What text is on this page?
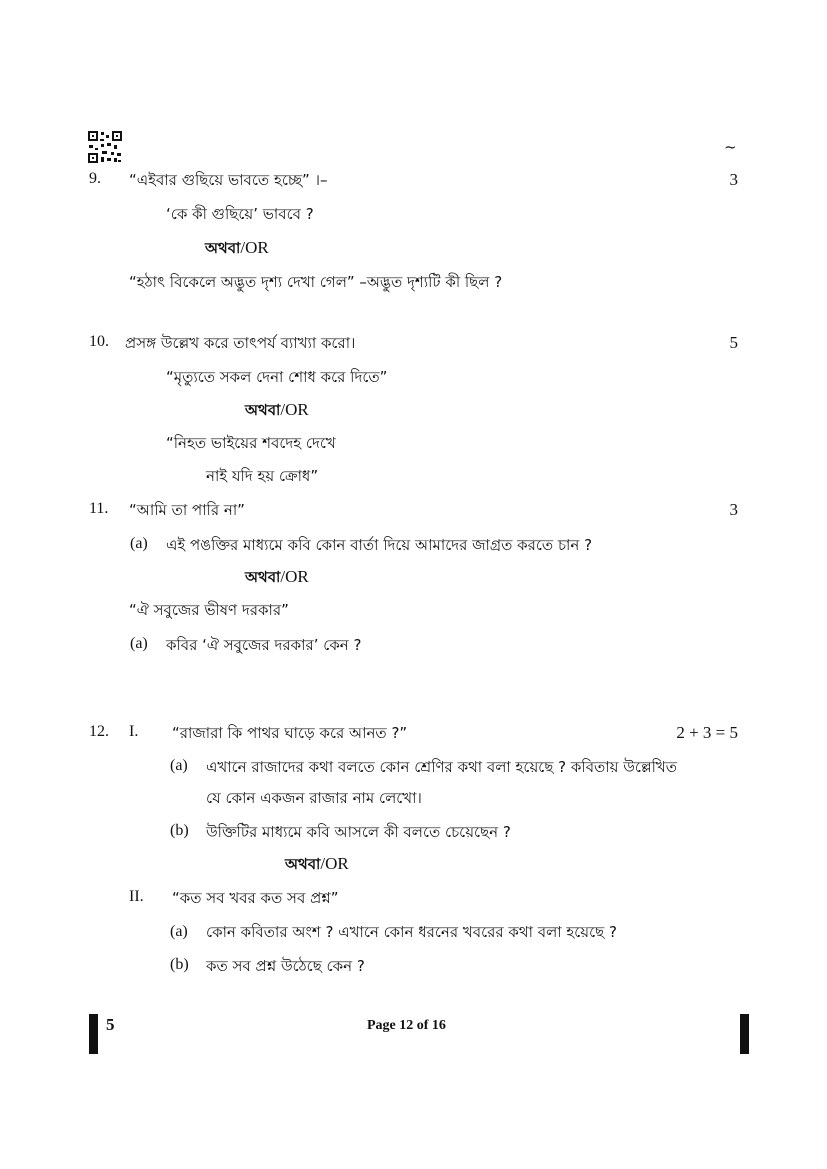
~
9. “এইবার গুছিয়ে ভাবতে হচ্ছে” ।–	3
‘কে কী গুছিয়ে’ ভাববে ?
অথবা/OR
“হঠাৎ বিকেলে অদ্ভুত দৃশ্য দেখা গেল” –অদ্ভুত দৃশ্যটি কী ছিল ?
10. প্রসঙ্গ উল্লেখ করে তাৎপর্য ব্যাখ্যা করো।	5
“মৃত্যুতে সকল দেনা শোধ করে দিতে”
অথবা/OR
“নিহত ভাইয়ের শবদেহ দেখে
নাই যদি হয় ক্রোধ”
11. “আমি তা পারি না”	3
(a) এই পঙক্তির মাধ্যমে কবি কোন বার্তা দিয়ে আমাদের জাগ্রত করতে চান ?
অথবা/OR
“ঐ সবুজের ভীষণ দরকার”
(a) কবির ‘ঐ সবুজের দরকার’ কেন ?
12. I. “রাজারা কি পাথর ঘাড়ে করে আনত ?”	2 + 3 = 5
(a) এখানে রাজাদের কথা বলতে কোন শ্রেণির কথা বলা হয়েছে ? কবিতায় উল্লেখিত
যে কোন একজন রাজার নাম লেখো।
(b) উক্তিটির মাধ্যমে কবি আসলে কী বলতে চেয়েছেন ?
অথবা/OR
II. “কত সব খবর কত সব প্রশ্ন”
(a) কোন কবিতার অংশ ? এখানে কোন ধরনের খবরের কথা বলা হয়েছে ?
(b) কত সব প্রশ্ন উঠেছে কেন ?
5	Page 12 of 16
